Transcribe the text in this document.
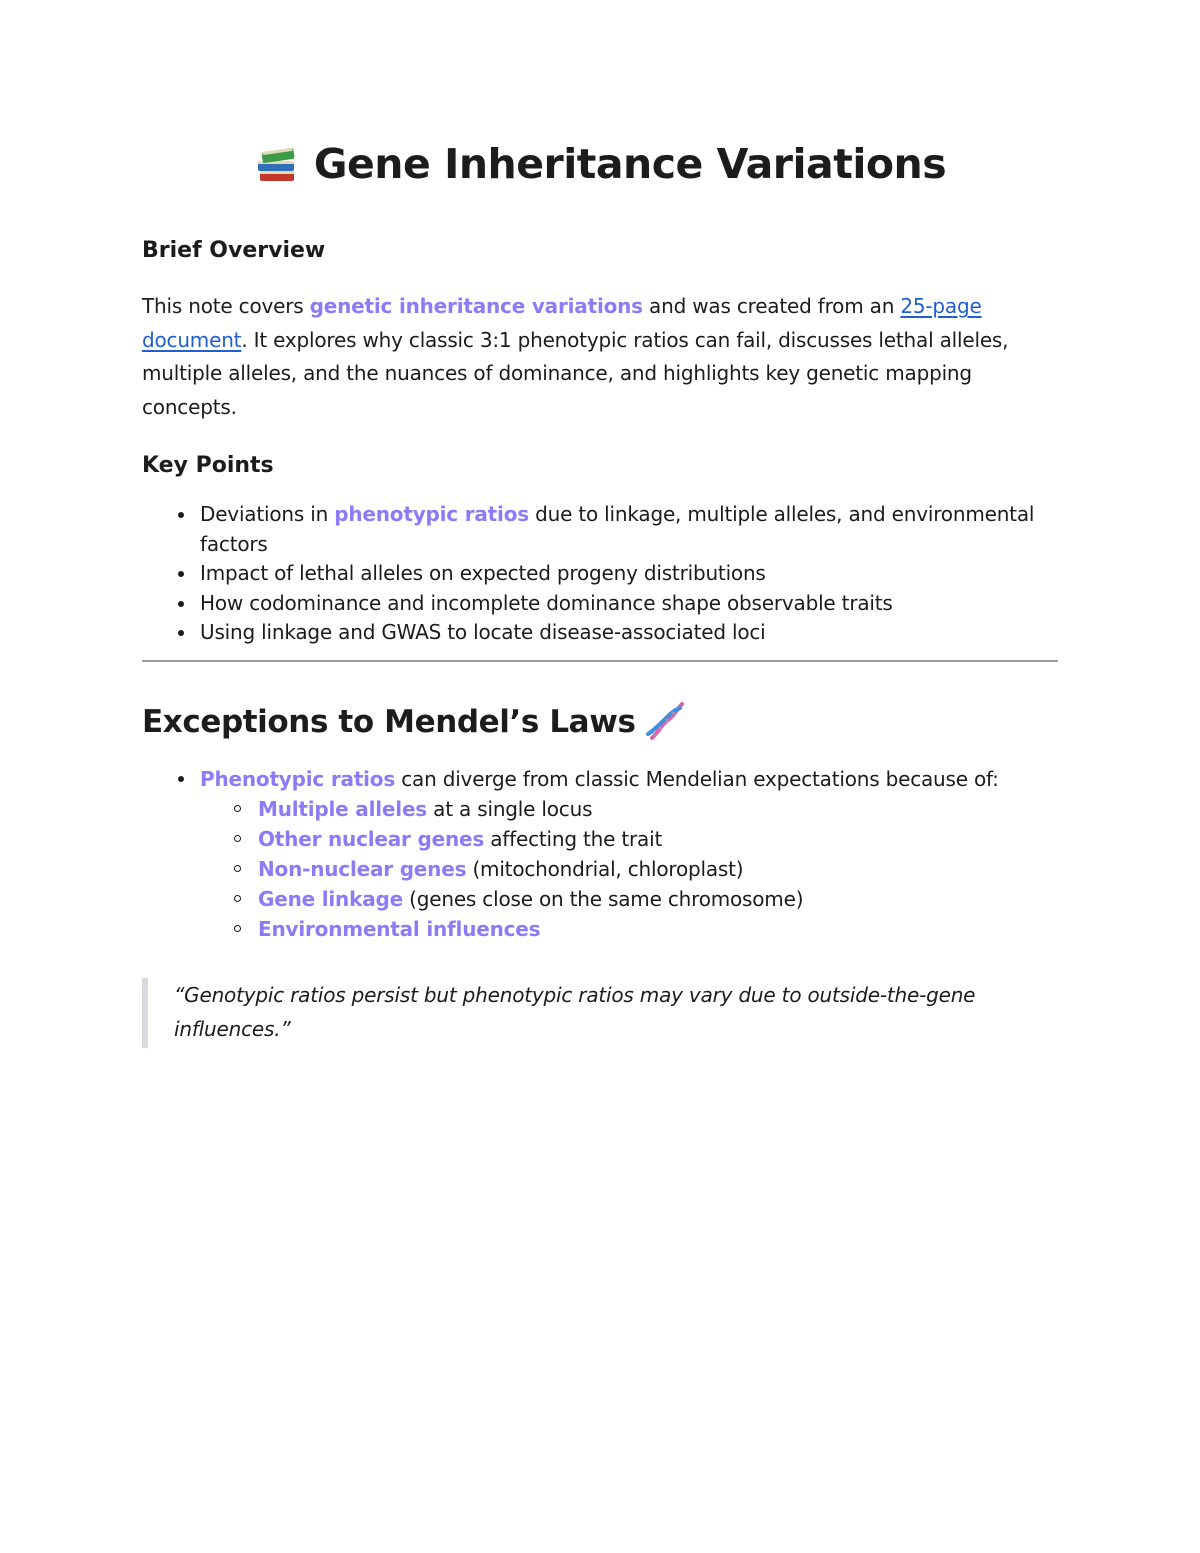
Gene Inheritance Variations
Brief Overview

This note covers genetic inheritance variations and was created from an 25-page document. It explores why classic 3:1 phenotypic ratios can fail, discusses lethal alleles, multiple alleles, and the nuances of dominance, and highlights key genetic mapping concepts.

Key Points
Deviations in phenotypic ratios due to linkage, multiple alleles, and environmental factors
Impact of lethal alleles on expected progeny distributions
How codominance and incomplete dominance shape observable traits
Using linkage and GWAS to locate disease-associated loci
Exceptions to Mendel’s Laws
Phenotypic ratios can diverge from classic Mendelian expectations because of:
Multiple alleles at a single locus
Other nuclear genes affecting the trait
Non-nuclear genes (mitochondrial, chloroplast)
Gene linkage (genes close on the same chromosome)
Environmental influences
“Genotypic ratios persist but phenotypic ratios may vary due to outside-the-gene influences.”
